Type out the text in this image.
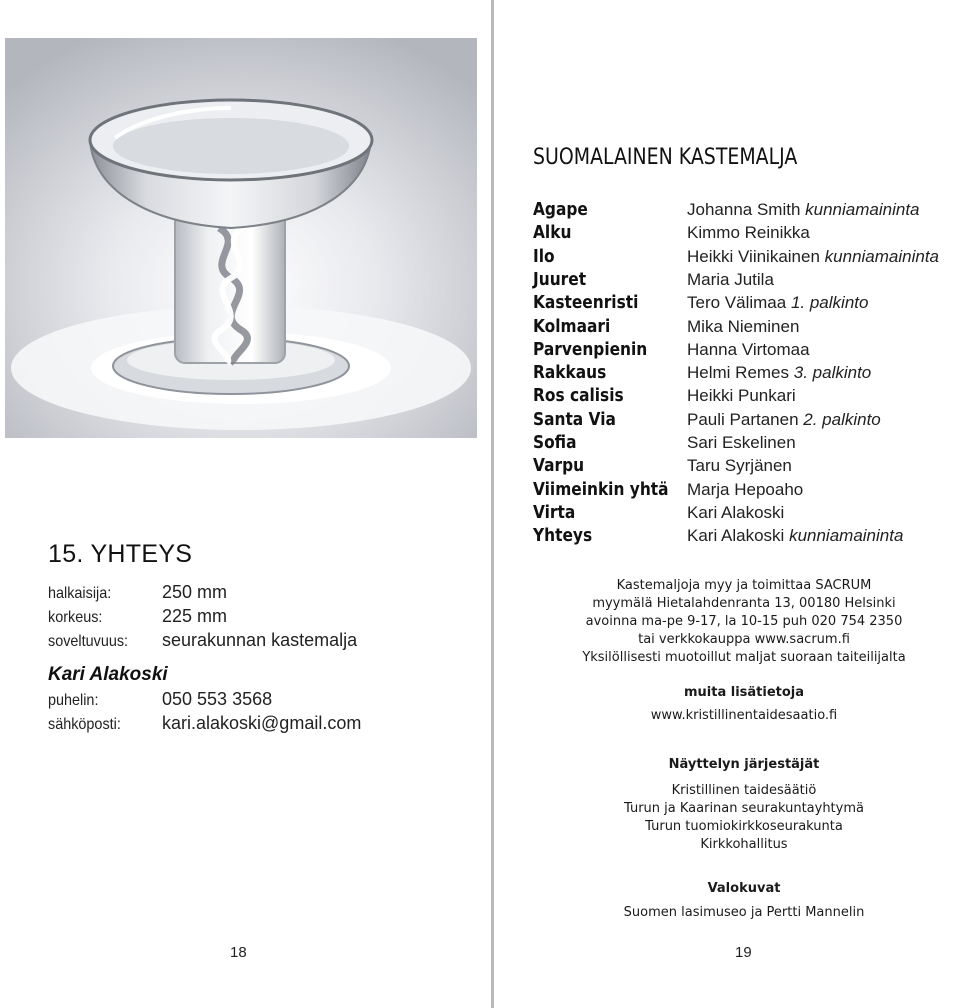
15. YHTEYS
halkaisija:	250 mm
korkeus:	225 mm
soveltuvuus: seurakunnan kastemalja
Kari Alakoski
puhelin:	050 553 3568
sähköposti: kari.alakoski@gmail.com
18
SUOMALAINEN KASTEMALJA
Agape	Johanna Smith kunniamaininta
Alku	Kimmo Reinikka
Ilo	Heikki Viinikainen kunniamaininta
Juuret	Maria Jutila
Kasteenristi	Tero Välimaa 1. palkinto
Kolmaari	Mika Nieminen
Parvenpienin Hanna Virtomaa
Rakkaus	Helmi Remes 3. palkinto
Ros calisis	Heikki Punkari
Santa Via	Pauli Partanen 2. palkinto
Sofia	Sari Eskelinen
Varpu	Taru Syrjänen
Viimeinkin yhtä Marja Hepoaho
Virta	Kari Alakoski
Yhteys	Kari Alakoski kunniamaininta
Kastemaljoja myy ja toimittaa SACRUM
myymälä Hietalahdenranta 13, 00180 Helsinki
avoinna ma-pe 9-17, la 10-15 puh 020 754 2350
tai verkkokauppa www.sacrum.fi
Yksilöllisesti muotoillut maljat suoraan taiteilijalta
muita lisätietoja
www.kristillinentaidesaatio.fi
Näyttelyn järjestäjät
Kristillinen taidesäätiö
Turun ja Kaarinan seurakuntayhtymä
Turun tuomiokirkkoseurakunta
Kirkkohallitus
Valokuvat
Suomen lasimuseo ja Pertti Mannelin
19
